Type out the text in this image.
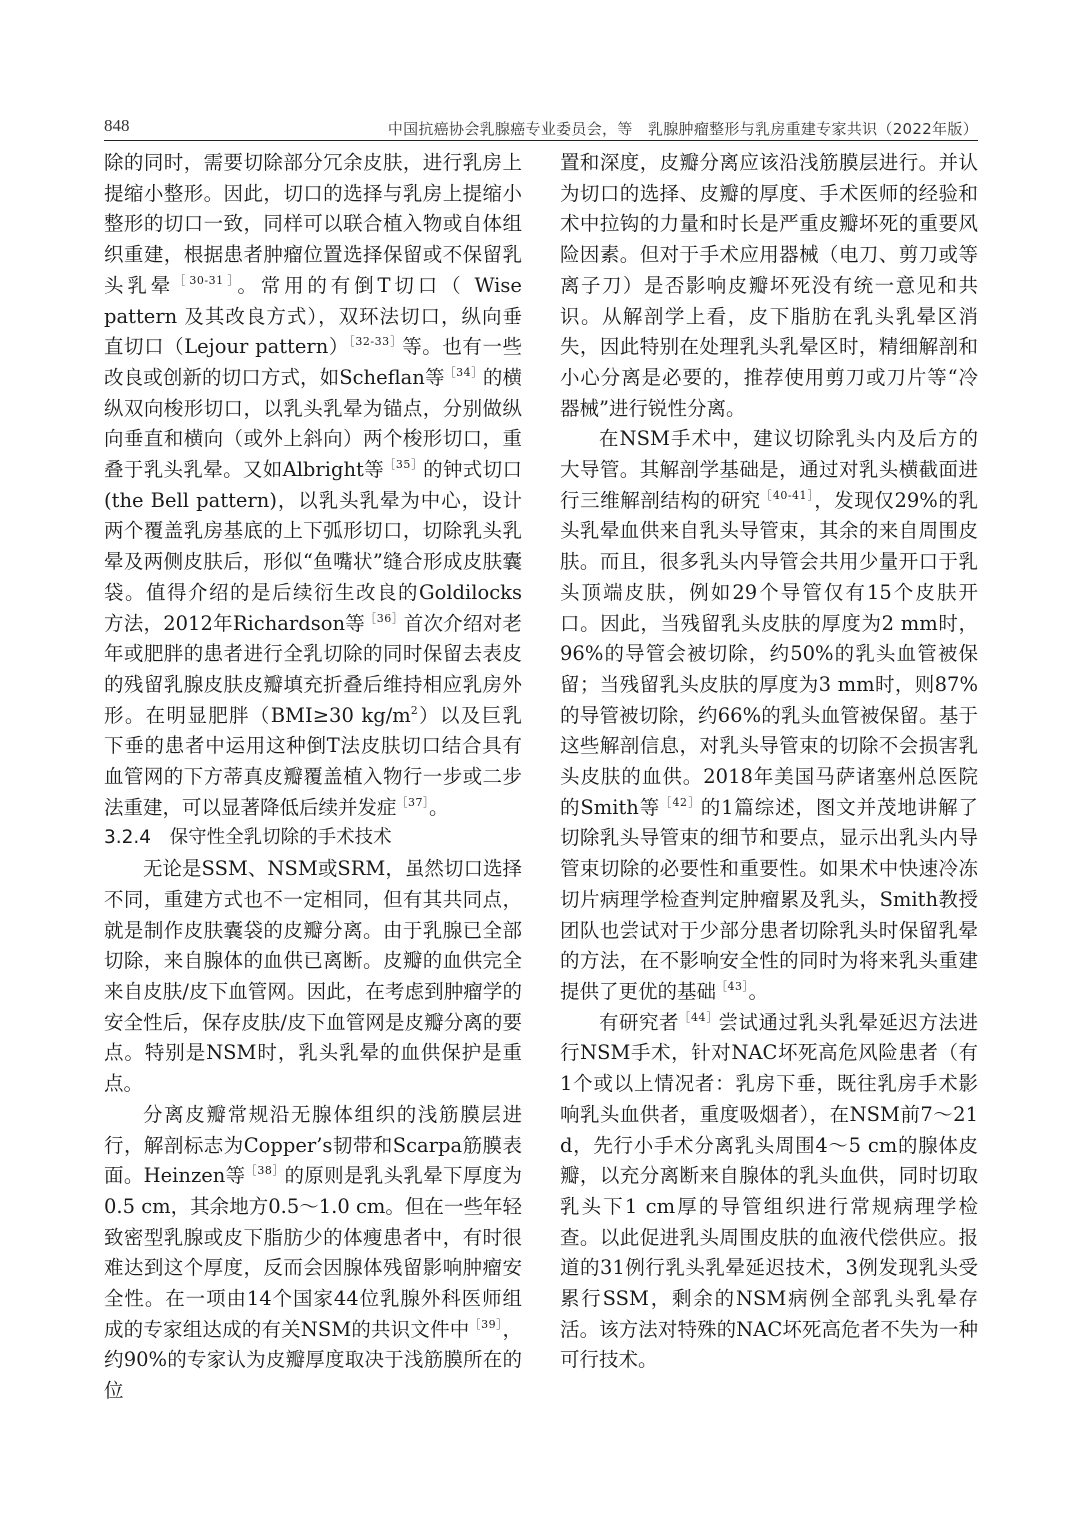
848	中国抗癌协会乳腺癌专业委员会，等　乳腺肿瘤整形与乳房重建专家共识（2022年版）

除的同时，需要切除部分冗余皮肤，进行乳房上提缩小整形。因此，切口的选择与乳房上提缩小整形的切口一致，同样可以联合植入物或自体组织重建，根据患者肿瘤位置选择保留或不保留乳头乳晕$^{[30-31]}$。常用的有倒T切口（ Wise pattern 及其改良方式），双环法切口，纵向垂直切口（Lejour pattern）$^{[32-33]}$等。也有一些改良或创新的切口方式，如Scheflan等$^{[34]}$的横纵双向梭形切口，以乳头乳晕为锚点，分别做纵向垂直和横向（或外上斜向）两个梭形切口，重叠于乳头乳晕。又如Albright等$^{[35]}$的钟式切口(the Bell pattern)，以乳头乳晕为中心，设计两个覆盖乳房基底的上下弧形切口，切除乳头乳晕及两侧皮肤后，形似“鱼嘴状”缝合形成皮肤囊袋。值得介绍的是后续衍生改良的Goldilocks 方法，2012年Richardson等$^{[36]}$首次介绍对老年或肥胖的患者进行全乳切除的同时保留去表皮的残留乳腺皮肤皮瓣填充折叠后维持相应乳房外形。在明显肥胖（BMI≥30 $kg/m^2$）以及巨乳下垂的患者中运用这种倒T法皮肤切口结合具有血管网的下方蒂真皮瓣覆盖植入物行一步或二步法重建，可以显著降低后续并发症$^{[37]}$。

3.2.4　保守性全乳切除的手术技术

无论是SSM、NSM或SRM，虽然切口选择不同，重建方式也不一定相同，但有其共同点，就是制作皮肤囊袋的皮瓣分离。由于乳腺已全部切除，来自腺体的血供已离断。皮瓣的血供完全来自皮肤/皮下血管网。因此，在考虑到肿瘤学的安全性后，保存皮肤/皮下血管网是皮瓣分离的要点。特别是NSM时，乳头乳晕的血供保护是重点。

分离皮瓣常规沿无腺体组织的浅筋膜层进行，解剖标志为Copper’s韧带和Scarpa筋膜表面。Heinzen等$^{[38]}$的原则是乳头乳晕下厚度为0.5 cm，其余地方0.5～1.0 cm。但在一些年轻致密型乳腺或皮下脂肪少的体瘦患者中，有时很难达到这个厚度，反而会因腺体残留影响肿瘤安全性。在一项由14个国家44位乳腺外科医师组成的专家组达成的有关NSM的共识文件中$^{[39]}$，约90%的专家认为皮瓣厚度取决于浅筋膜所在的位

置和深度，皮瓣分离应该沿浅筋膜层进行。并认为切口的选择、皮瓣的厚度、手术医师的经验和术中拉钩的力量和时长是严重皮瓣坏死的重要风险因素。但对于手术应用器械（电刀、剪刀或等离子刀）是否影响皮瓣坏死没有统一意见和共识。从解剖学上看，皮下脂肪在乳头乳晕区消失，因此特别在处理乳头乳晕区时，精细解剖和小心分离是必要的，推荐使用剪刀或刀片等“冷器械”进行锐性分离。

在NSM手术中，建议切除乳头内及后方的大导管。其解剖学基础是，通过对乳头横截面进行三维解剖结构的研究$^{[40-41]}$，发现仅29%的乳头乳晕血供来自乳头导管束，其余的来自周围皮肤。而且，很多乳头内导管会共用少量开口于乳头顶端皮肤，例如29个导管仅有15个皮肤开口。因此，当残留乳头皮肤的厚度为2 mm时，96%的导管会被切除，约50%的乳头血管被保留；当残留乳头皮肤的厚度为3 mm时，则87%的导管被切除，约66%的乳头血管被保留。基于这些解剖信息，对乳头导管束的切除不会损害乳头皮肤的血供。2018年美国马萨诸塞州总医院的Smith等$^{[42]}$的1篇综述，图文并茂地讲解了切除乳头导管束的细节和要点，显示出乳头内导管束切除的必要性和重要性。如果术中快速冷冻切片病理学检查判定肿瘤累及乳头，Smith教授团队也尝试对于少部分患者切除乳头时保留乳晕的方法，在不影响安全性的同时为将来乳头重建提供了更优的基础$^{[43]}$。

有研究者$^{[44]}$尝试通过乳头乳晕延迟方法进行NSM手术，针对NAC坏死高危风险患者（有1个或以上情况者：乳房下垂，既往乳房手术影响乳头血供者，重度吸烟者），在NSM前7～21 d，先行小手术分离乳头周围4～5 cm的腺体皮瓣，以充分离断来自腺体的乳头血供，同时切取乳头下1 cm厚的导管组织进行常规病理学检查。以此促进乳头周围皮肤的血液代偿供应。报道的31例行乳头乳晕延迟技术，3例发现乳头受累行SSM，剩余的NSM病例全部乳头乳晕存活。该方法对特殊的NAC坏死高危者不失为一种可行技术。
